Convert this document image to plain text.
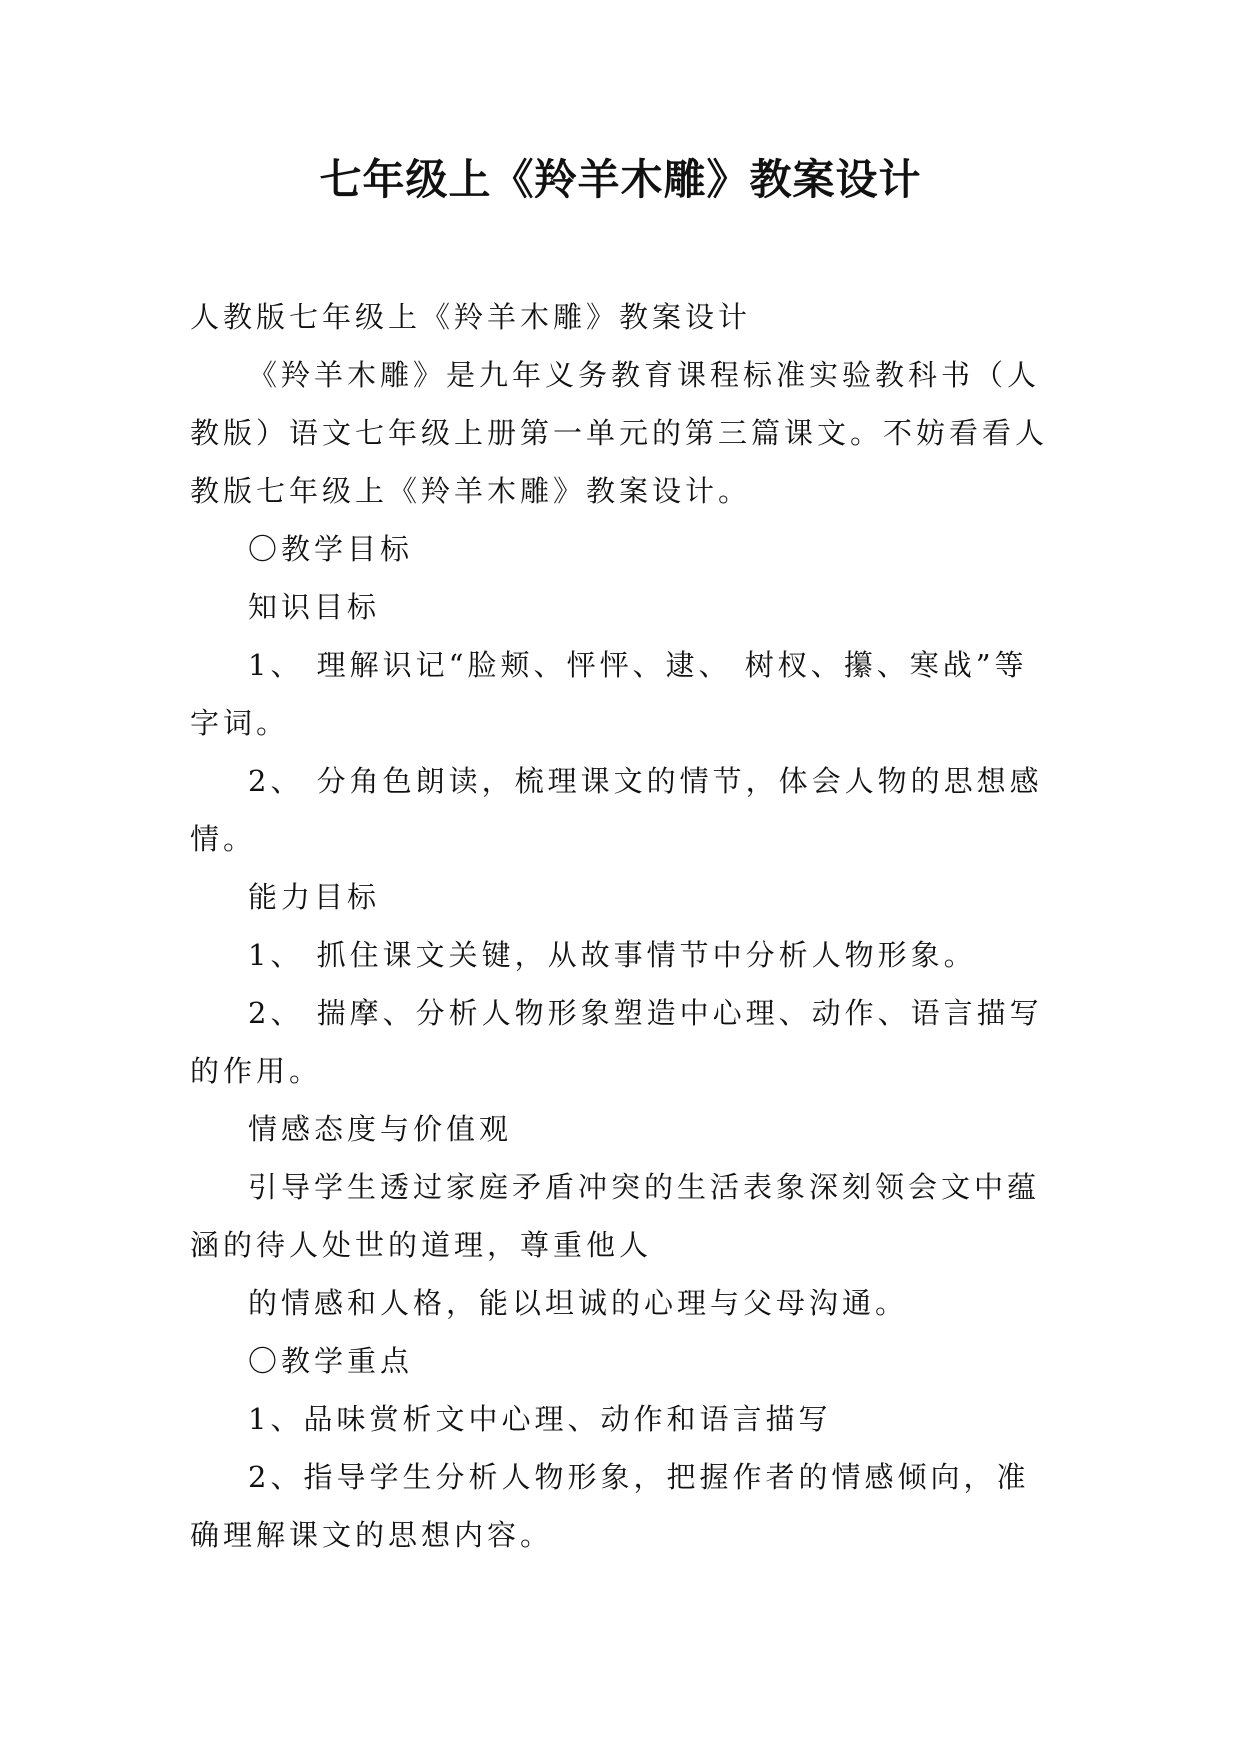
七年级上《羚羊木雕》教案设计

人教版七年级上《羚羊木雕》教案设计

《羚羊木雕》是九年义务教育课程标准实验教科书（人教版）语文七年级上册第一单元的第三篇课文。不妨看看人教版七年级上《羚羊木雕》教案设计。

〇教学目标

知识目标

1、 理解识记“脸颊、怦怦、逮、 树杈、攥、寒战”等字词。

2、 分角色朗读，梳理课文的情节，体会人物的思想感情。

能力目标

1、 抓住课文关键，从故事情节中分析人物形象。

2、 揣摩、分析人物形象塑造中心理、动作、语言描写的作用。

情感态度与价值观

引导学生透过家庭矛盾冲突的生活表象深刻领会文中蕴涵的待人处世的道理，尊重他人

的情感和人格，能以坦诚的心理与父母沟通。

〇教学重点

1、品味赏析文中心理、动作和语言描写

2、指导学生分析人物形象，把握作者的情感倾向，准确理解课文的思想内容。
